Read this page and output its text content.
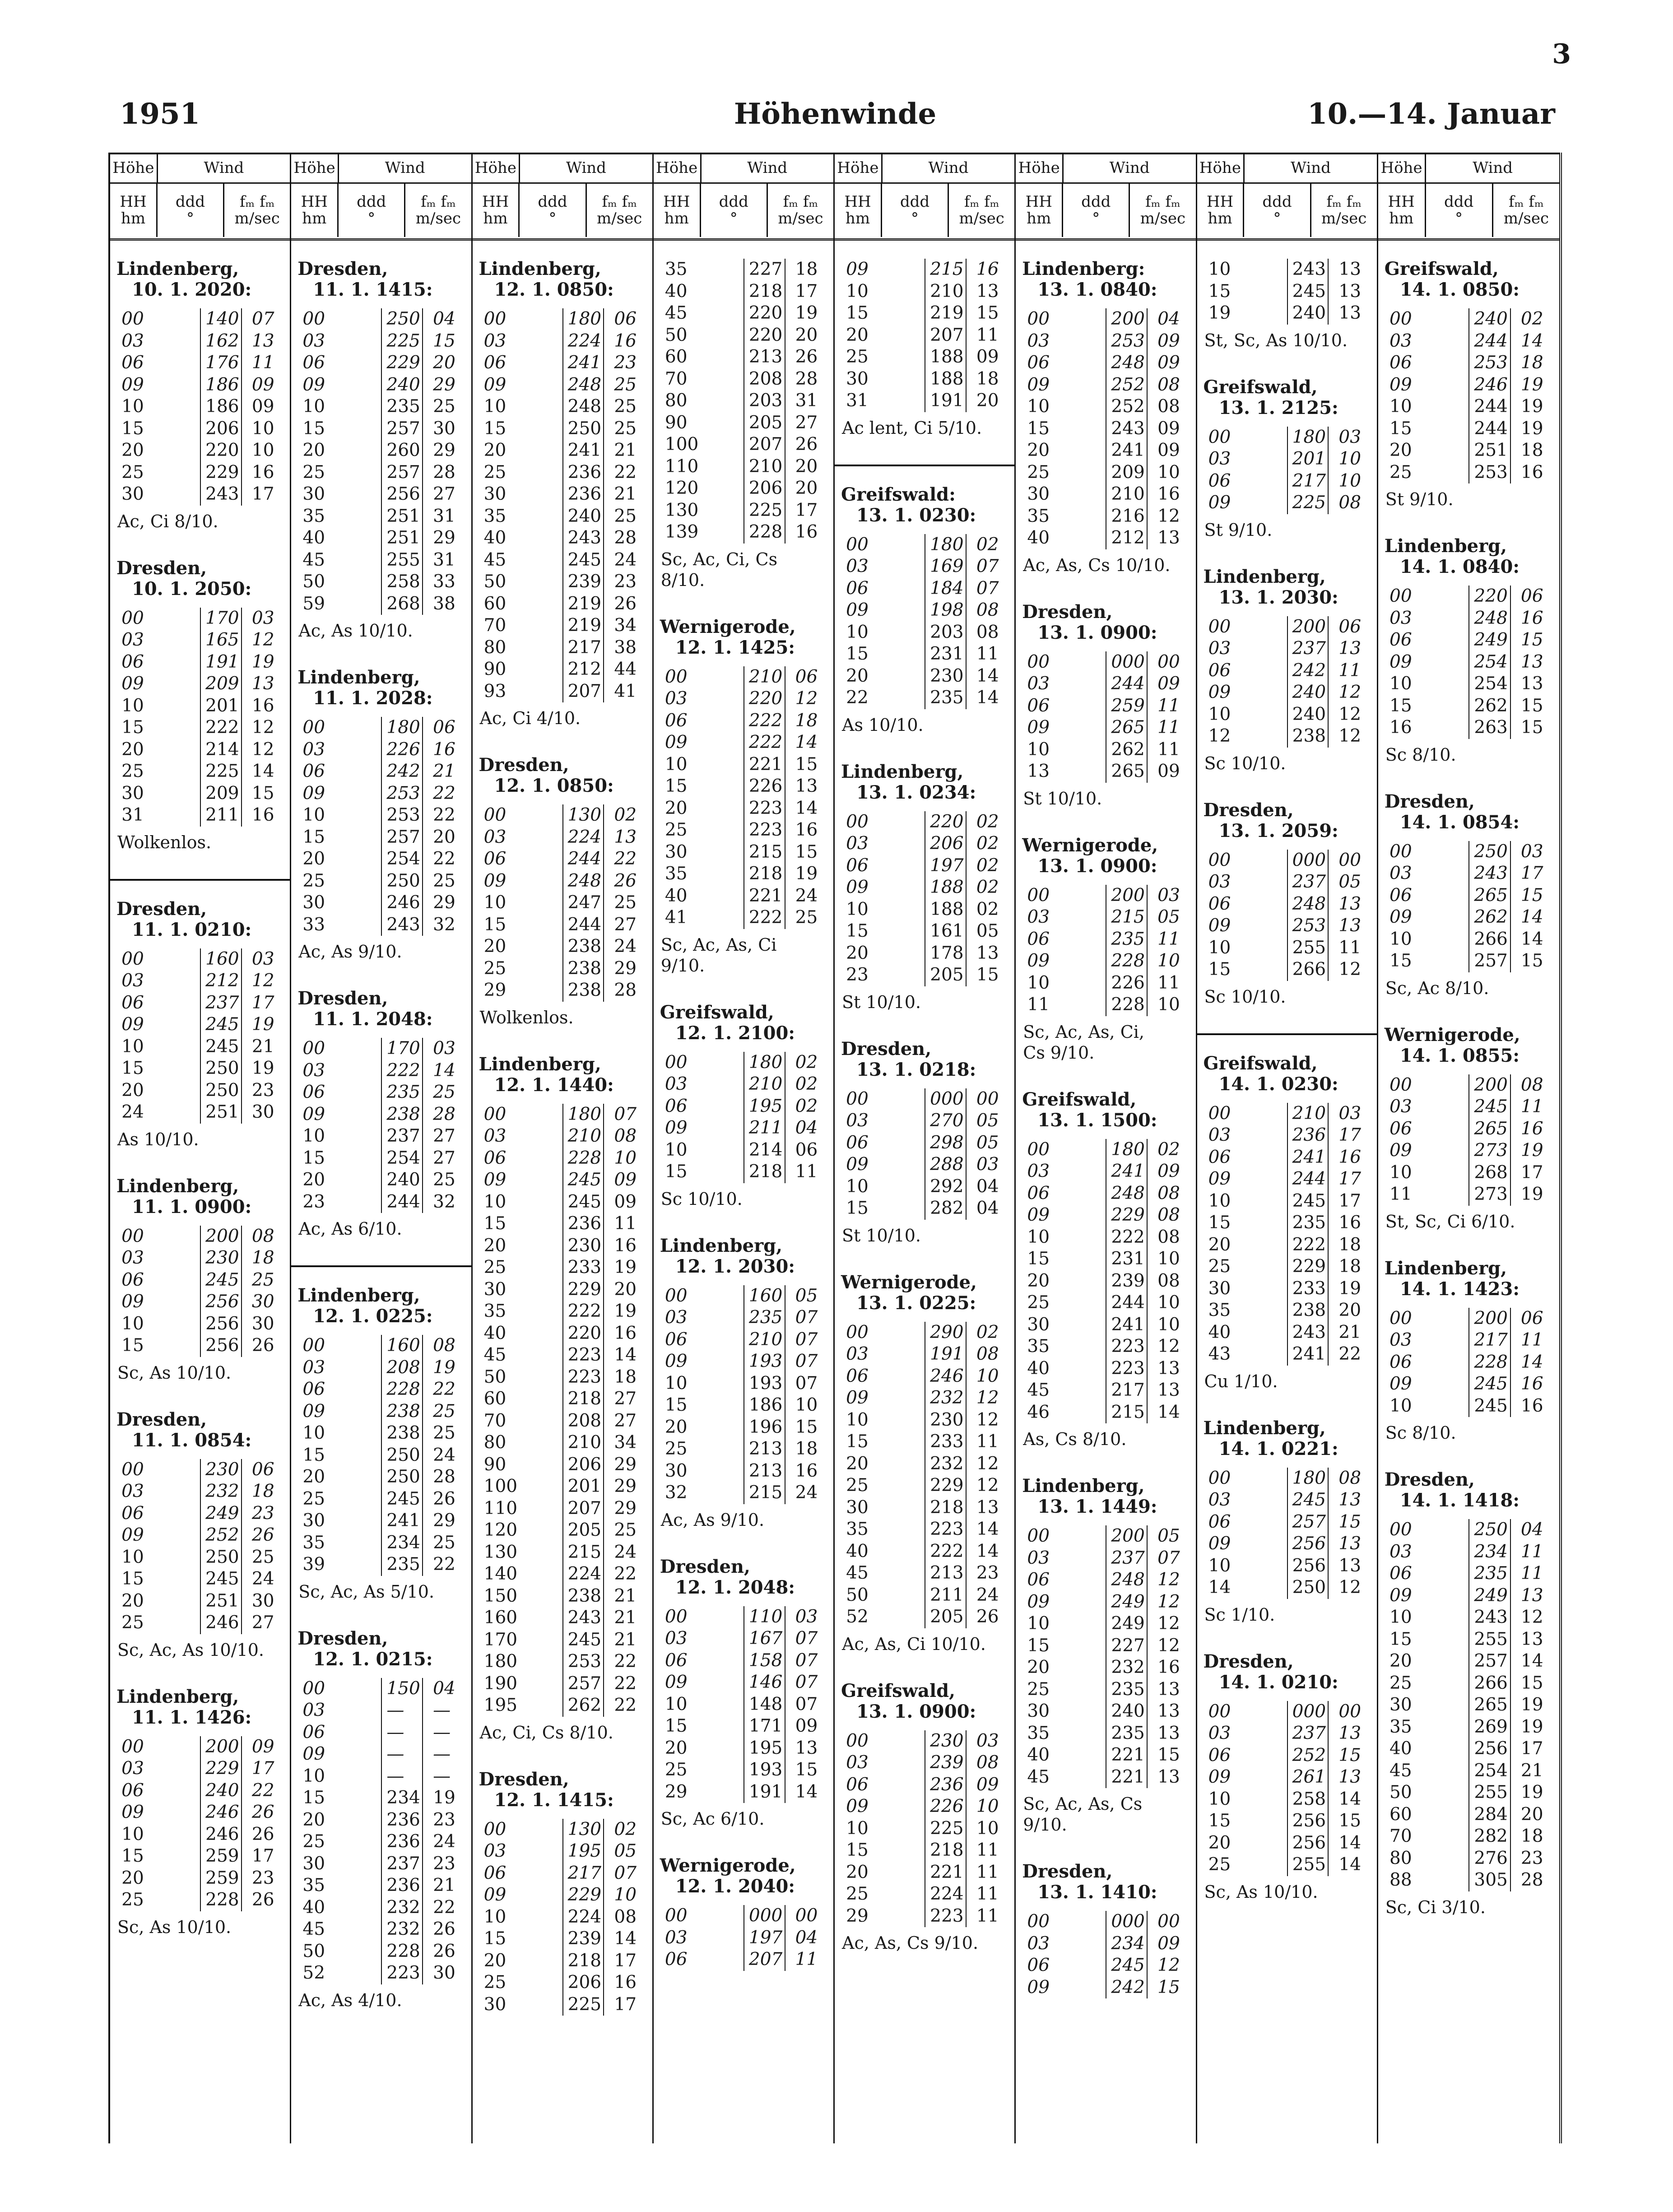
3
1951	Höhenwinde	10.—14. Januar
Höhe	Wind
HH
hm
ddd
°
fₘ fₘ
m/sec
Lindenberg,
10. 1. 2020:
00	140 07
03	162 13
06	176 11
09	186 09
10	186 09
15	206 10
20	220 10
25	229 16
30	243 17
Ac, Ci 8/10.
Dresden,
10. 1. 2050:
00	170 03
03	165 12
06	191 19
09	209 13
10	201 16
15	222 12
20	214 12
25	225 14
30	209 15
31	211 16
Wolkenlos.
Dresden,
11. 1. 0210:
00	160 03
03	212 12
06	237 17
09	245 19
10	245 21
15	250 19
20	250 23
24	251 30
As 10/10.
Lindenberg,
11. 1. 0900:
00	200 08
03	230 18
06	245 25
09	256 30
10	256 30
15	256 26
Sc, As 10/10.
Dresden,
11. 1. 0854:
00	230 06
03	232 18
06	249 23
09	252 26
10	250 25
15	245 24
20	251 30
25	246 27
Sc, Ac, As 10/10.
Lindenberg,
11. 1. 1426:
00	200 09
03	229 17
06	240 22
09	246 26
10	246 26
15	259 17
20	259 23
25	228 26
Sc, As 10/10.
Höhe	Wind
HH
hm
ddd
°
fₘ fₘ
m/sec
Dresden,
11. 1. 1415:
00	250 04
03	225 15
06	229 20
09	240 29
10	235 25
15	257 30
20	260 29
25	257 28
30	256 27
35	251 31
40	251 29
45	255 31
50	258 33
59	268 38
Ac, As 10/10.
Lindenberg,
11. 1. 2028:
00	180 06
03	226 16
06	242 21
09	253 22
10	253 22
15	257 20
20	254 22
25	250 25
30	246 29
33	243 32
Ac, As 9/10.
Dresden,
11. 1. 2048:
00	170 03
03	222 14
06	235 25
09	238 28
10	237 27
15	254 27
20	240 25
23	244 32
Ac, As 6/10.
Lindenberg,
12. 1. 0225:
00	160 08
03	208 19
06	228 22
09	238 25
10	238 25
15	250 24
20	250 28
25	245 26
30	241 29
35	234 25
39	235 22
Sc, Ac, As 5/10.
Dresden,
12. 1. 0215:
00	150 04
03	—	—
06	—	—
09	—	—
10	—	—
15	234 19
20	236 23
25	236 24
30	237 23
35	236 21
40	232 22
45	232 26
50	228 26
52	223 30
Ac, As 4/10.
Höhe	Wind
HH
hm
ddd
°
fₘ fₘ
m/sec
Lindenberg,
12. 1. 0850:
00	180 06
03	224 16
06	241 23
09	248 25
10	248 25
15	250 25
20	241 21
25	236 22
30	236 21
35	240 25
40	243 28
45	245 24
50	239 23
60	219 26
70	219 34
80	217 38
90	212 44
93	207 41
Ac, Ci 4/10.
Dresden,
12. 1. 0850:
00	130 02
03	224 13
06	244 22
09	248 26
10	247 25
15	244 27
20	238 24
25	238 29
29	238 28
Wolkenlos.
Lindenberg,
12. 1. 1440:
00	180 07
03	210 08
06	228 10
09	245 09
10	245 09
15	236 11
20	230 16
25	233 19
30	229 20
35	222 19
40	220 16
45	223 14
50	223 18
60	218 27
70	208 27
80	210 34
90	206 29
100	201 29
110	207 29
120	205 25
130	215 24
140	224 22
150	238 21
160	243 21
170	245 21
180	253 22
190	257 22
195	262 22
Ac, Ci, Cs 8/10.
Dresden,
12. 1. 1415:
00	130 02
03	195 05
06	217 07
09	229 10
10	224 08
15	239 14
20	218 17
25	206 16
30	225 17
Höhe	Wind
HH
hm
ddd
°
fₘ fₘ
m/sec
35	227 18
40	218 17
45	220 19
50	220 20
60	213 26
70	208 28
80	203 31
90	205 27
100	207 26
110	210 20
120	206 20
130	225 17
139	228 16
Sc, Ac, Ci, Cs
8/10.
Wernigerode,
12. 1. 1425:
00	210 06
03	220 12
06	222 18
09	222 14
10	221 15
15	226 13
20	223 14
25	223 16
30	215 15
35	218 19
40	221 24
41	222 25
Sc, Ac, As, Ci
9/10.
Greifswald,
12. 1. 2100:
00	180 02
03	210 02
06	195 02
09	211 04
10	214 06
15	218 11
Sc 10/10.
Lindenberg,
12. 1. 2030:
00	160 05
03	235 07
06	210 07
09	193 07
10	193 07
15	186 10
20	196 15
25	213 18
30	213 16
32	215 24
Ac, As 9/10.
Dresden,
12. 1. 2048:
00	110 03
03	167 07
06	158 07
09	146 07
10	148 07
15	171 09
20	195 13
25	193 15
29	191 14
Sc, Ac 6/10.
Wernigerode,
12. 1. 2040:
00	000 00
03	197 04
06	207 11
Höhe	Wind
HH
hm
ddd
°
fₘ fₘ
m/sec
09	215 16
10	210 13
15	219 15
20	207 11
25	188 09
30	188 18
31	191 20
Ac lent, Ci 5/10.
Greifswald:
13. 1. 0230:
00	180 02
03	169 07
06	184 07
09	198 08
10	203 08
15	231 11
20	230 14
22	235 14
As 10/10.
Lindenberg,
13. 1. 0234:
00	220 02
03	206 02
06	197 02
09	188 02
10	188 02
15	161 05
20	178 13
23	205 15
St 10/10.
Dresden,
13. 1. 0218:
00	000 00
03	270 05
06	298 05
09	288 03
10	292 04
15	282 04
St 10/10.
Wernigerode,
13. 1. 0225:
00	290 02
03	191 08
06	246 10
09	232 12
10	230 12
15	233 11
20	232 12
25	229 12
30	218 13
35	223 14
40	222 14
45	213 23
50	211 24
52	205 26
Ac, As, Ci 10/10.
Greifswald,
13. 1. 0900:
00	230 03
03	239 08
06	236 09
09	226 10
10	225 10
15	218 11
20	221 11
25	224 11
29	223 11
Ac, As, Cs 9/10.
Höhe	Wind
HH
hm
ddd
°
fₘ fₘ
m/sec
Lindenberg:
13. 1. 0840:
00	200 04
03	253 09
06	248 09
09	252 08
10	252 08
15	243 09
20	241 09
25	209 10
30	210 16
35	216 12
40	212 13
Ac, As, Cs 10/10.
Dresden,
13. 1. 0900:
00	000 00
03	244 09
06	259 11
09	265 11
10	262 11
13	265 09
St 10/10.
Wernigerode,
13. 1. 0900:
00	200 03
03	215 05
06	235 11
09	228 10
10	226 11
11	228 10
Sc, Ac, As, Ci,
Cs 9/10.
Greifswald,
13. 1. 1500:
00	180 02
03	241 09
06	248 08
09	229 08
10	222 08
15	231 10
20	239 08
25	244 10
30	241 10
35	223 12
40	223 13
45	217 13
46	215 14
As, Cs 8/10.
Lindenberg,
13. 1. 1449:
00	200 05
03	237 07
06	248 12
09	249 12
10	249 12
15	227 12
20	232 16
25	235 13
30	240 13
35	235 13
40	221 15
45	221 13
Sc, Ac, As, Cs
9/10.
Dresden,
13. 1. 1410:
00	000 00
03	234 09
06	245 12
09	242 15
Höhe	Wind
HH
hm
ddd
°
fₘ fₘ
m/sec
10	243 13
15	245 13
19	240 13
St, Sc, As 10/10.
Greifswald,
13. 1. 2125:
00	180 03
03	201 10
06	217 10
09	225 08
St 9/10.
Lindenberg,
13. 1. 2030:
00	200 06
03	237 13
06	242 11
09	240 12
10	240 12
12	238 12
Sc 10/10.
Dresden,
13. 1. 2059:
00	000 00
03	237 05
06	248 13
09	253 13
10	255 11
15	266 12
Sc 10/10.
Greifswald,
14. 1. 0230:
00	210 03
03	236 17
06	241 16
09	244 17
10	245 17
15	235 16
20	222 18
25	229 18
30	233 19
35	238 20
40	243 21
43	241 22
Cu 1/10.
Lindenberg,
14. 1. 0221:
00	180 08
03	245 13
06	257 15
09	256 13
10	256 13
14	250 12
Sc 1/10.
Dresden,
14. 1. 0210:
00	000 00
03	237 13
06	252 15
09	261 13
10	258 14
15	256 15
20	256 14
25	255 14
Sc, As 10/10.
Höhe	Wind
HH
hm
ddd
°
fₘ fₘ
m/sec
Greifswald,
14. 1. 0850:
00	240 02
03	244 14
06	253 18
09	246 19
10	244 19
15	244 19
20	251 18
25	253 16
St 9/10.
Lindenberg,
14. 1. 0840:
00	220 06
03	248 16
06	249 15
09	254 13
10	254 13
15	262 15
16	263 15
Sc 8/10.
Dresden,
14. 1. 0854:
00	250 03
03	243 17
06	265 15
09	262 14
10	266 14
15	257 15
Sc, Ac 8/10.
Wernigerode,
14. 1. 0855:
00	200 08
03	245 11
06	265 16
09	273 19
10	268 17
11	273 19
St, Sc, Ci 6/10.
Lindenberg,
14. 1. 1423:
00	200 06
03	217 11
06	228 14
09	245 16
10	245 16
Sc 8/10.
Dresden,
14. 1. 1418:
00	250 04
03	234 11
06	235 11
09	249 13
10	243 12
15	255 13
20	257 14
25	266 15
30	265 19
35	269 19
40	256 17
45	254 21
50	255 19
60	284 20
70	282 18
80	276 23
88	305 28
Sc, Ci 3/10.
